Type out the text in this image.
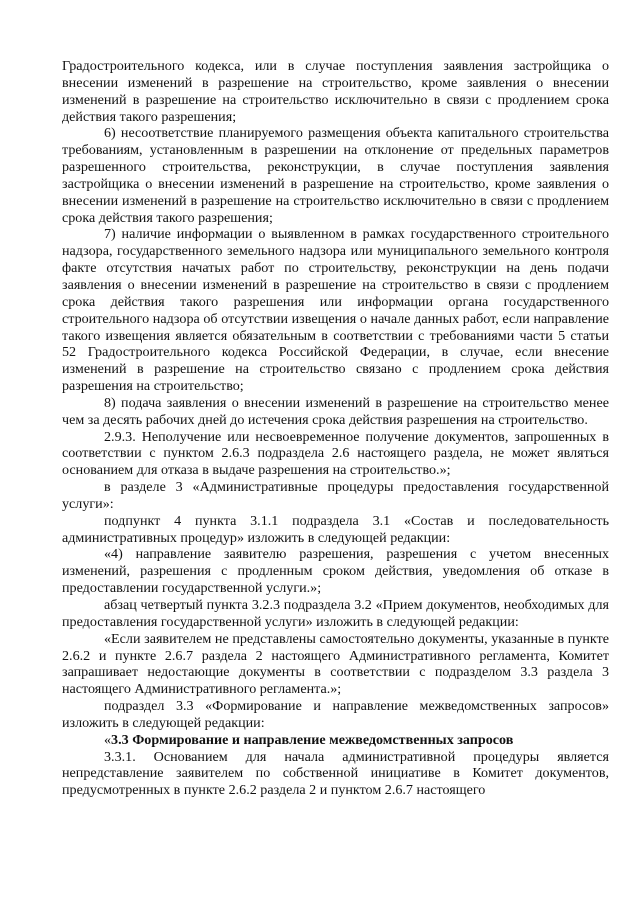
Градостроительного кодекса, или в случае поступления заявления застройщика о внесении изменений в разрешение на строительство, кроме заявления о внесении изменений в разрешение на строительство исключительно в связи с продлением срока действия такого разрешения;

6) несоответствие планируемого размещения объекта капитального строительства требованиям, установленным в разрешении на отклонение от предельных параметров разрешенного строительства, реконструкции, в случае поступления заявления застройщика о внесении изменений в разрешение на строительство, кроме заявления о внесении изменений в разрешение на строительство исключительно в связи с продлением срока действия такого разрешения;

7) наличие информации о выявленном в рамках государственного строительного надзора, государственного земельного надзора или муниципального земельного контроля факте отсутствия начатых работ по строительству, реконструкции на день подачи заявления о внесении изменений в разрешение на строительство в связи с продлением срока действия такого разрешения или информации органа государственного строительного надзора об отсутствии извещения о начале данных работ, если направление такого извещения является обязательным в соответствии с требованиями части 5 статьи 52 Градостроительного кодекса Российской Федерации, в случае, если внесение изменений в разрешение на строительство связано с продлением срока действия разрешения на строительство;

8) подача заявления о внесении изменений в разрешение на строительство менее чем за десять рабочих дней до истечения срока действия разрешения на строительство.

2.9.3. Неполучение или несвоевременное получение документов, запрошенных в соответствии с пунктом 2.6.3 подраздела 2.6 настоящего раздела, не может являться основанием для отказа в выдаче разрешения на строительство.»;

в разделе 3 «Административные процедуры предоставления государственной услуги»:

подпункт 4 пункта 3.1.1 подраздела 3.1 «Состав и последовательность административных процедур» изложить в следующей редакции:

«4) направление заявителю разрешения, разрешения с учетом внесенных изменений, разрешения с продленным сроком действия, уведомления об отказе в предоставлении государственной услуги.»;

абзац четвертый пункта 3.2.3 подраздела 3.2 «Прием документов, необходимых для предоставления государственной услуги» изложить в следующей редакции:

«Если заявителем не представлены самостоятельно документы, указанные в пункте 2.6.2 и пункте 2.6.7 раздела 2 настоящего Административного регламента, Комитет запрашивает недостающие документы в соответствии с подразделом 3.3 раздела 3 настоящего Административного регламента.»;

подраздел 3.3 «Формирование и направление межведомственных запросов» изложить в следующей редакции:

«3.3 Формирование и направление межведомственных запросов

3.3.1. Основанием для начала административной процедуры является непредставление заявителем по собственной инициативе в Комитет документов, предусмотренных в пункте 2.6.2 раздела 2 и пунктом 2.6.7 настоящего
